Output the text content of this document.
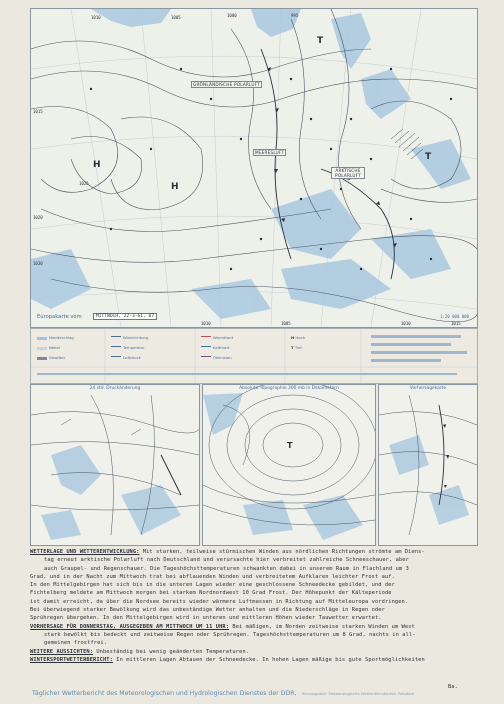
H
H
T
T
1015
1010	1005	1000	995
1020
1025
1030
1010	1005	1010	1015
GRÖNLÄNDISCHE POLARLUFT
MEERESLUFT
ARKTISCHE POLARLUFT
Europakarte vom	MITTWOCH, 22-3-61, 07	1:20 000 000
Niederschlag
Nebel
Gewitter
Windrichtung
Temperatur
Luftdruck
Warmfront
Kaltfront
Okklusion
H Hoch
T Tief
24 std. Druckänderung	Absolute Topographie 300 mb in Dekametern
T
Vorhersagekarte

WETTERLAGE UND WETTERENTWICKLUNG: Mit starken, teilweise stürmischen Winden aus nördlichen Richtungen strömte am Diens-

tag erneut arktische Polarluft nach Deutschland und verursachte hier verbreitet zahlreiche Schneeschauer, aber

auch Graupel- und Regenschauer. Die Tageshöchsttemperaturen schwankten dabei in unserem Raum in Flachland um 3

Grad, und in der Nacht zum Mittwoch trat bei abflauenden Winden und verbreitetem Aufklaren leichter Frost auf.

In den Mittelgebirgen hat sich bis in die unteren Lagen wieder eine geschlossene Schneedecke gebildet, und der

Fichtelberg meldete am Mittwoch morgen bei starkem Nordnordwest 10 Grad Frost. Der Höhepunkt der Kälteperiode

ist damit erreicht, da über die Nordsee bereits wieder wärmere Luftmassen in Richtung auf Mitteleuropa vordringen.

Bei überwiegend starker Bewölkung wird das unbeständige Wetter anhalten und die Niederschläge in Regen oder

Sprühregen übergehen. In den Mittelgebirgen wird in unteren und mittleren Höhen wieder Tauwetter erwartet.

VORHERSAGE FÜR DONNERSTAG, AUSGEGEBEN AM MITTWOCH UM 11 UHR: Bei mäßigen, im Norden zeitweise starken Winden um West

stark bewölkt bis bedeckt und zeitweise Regen oder Sprühregen. Tageshöchsttemperaturen um 8 Grad, nachts in all-

gemeinen frostfrei.

WEITERE AUSSICHTEN: Unbeständig bei wenig geänderten Temperaturen.

WINTERSPORTWETTERBERICHT: In mittleren Lagen Abtauen der Schneedecke. In hohen Lagen mäßige bis gute Sportmöglichkeiten

Ba.
Täglicher Wetterbericht des Meteorologischen und Hydrologischen Dienstes der DDR, Herausgeber: Meteorologische Wetterdienststelle, Potsdam
